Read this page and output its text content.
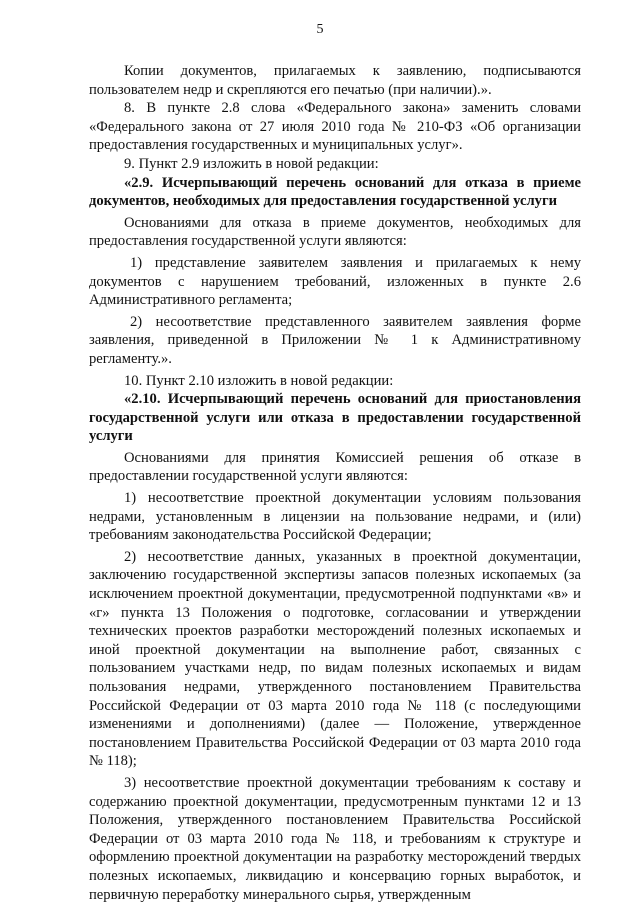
5

Копии документов, прилагаемых к заявлению, подписываются пользователем недр и скрепляются его печатью (при наличии).».

8. В пункте 2.8 слова «Федерального закона» заменить словами «Федерального закона от 27 июля 2010 года № 210-ФЗ «Об организации предоставления государственных и муниципальных услуг».

9. Пункт 2.9 изложить в новой редакции:

«2.9. Исчерпывающий перечень оснований для отказа в приеме документов, необходимых для предоставления государственной услуги

Основаниями для отказа в приеме документов, необходимых для предоставления государственной услуги являются:

1) представление заявителем заявления и прилагаемых к нему документов с нарушением требований, изложенных в пункте 2.6 Административного регламента;

2) несоответствие представленного заявителем заявления форме заявления, приведенной в Приложении № 1 к Административному регламенту.».

10. Пункт 2.10 изложить в новой редакции:

«2.10. Исчерпывающий перечень оснований для приостановления государственной услуги или отказа в предоставлении государственной услуги

Основаниями для принятия Комиссией решения об отказе в предоставлении государственной услуги являются:

1) несоответствие проектной документации условиям пользования недрами, установленным в лицензии на пользование недрами, и (или) требованиям законодательства Российской Федерации;

2) несоответствие данных, указанных в проектной документации, заключению государственной экспертизы запасов полезных ископаемых (за исключением проектной документации, предусмотренной подпунктами «в» и «г» пункта 13 Положения о подготовке, согласовании и утверждении технических проектов разработки месторождений полезных ископаемых и иной проектной документации на выполнение работ, связанных с пользованием участками недр, по видам полезных ископаемых и видам пользования недрами, утвержденного постановлением Правительства Российской Федерации от 03 марта 2010 года № 118 (с последующими изменениями и дополнениями) (далее — Положение, утвержденное постановлением Правительства Российской Федерации от 03 марта 2010 года № 118);

3) несоответствие проектной документации требованиям к составу и содержанию проектной документации, предусмотренным пунктами 12 и 13 Положения, утвержденного постановлением Правительства Российской Федерации от 03 марта 2010 года № 118, и требованиям к структуре и оформлению проектной документации на разработку месторождений твердых полезных ископаемых, ликвидацию и консервацию горных выработок, и первичную переработку минерального сырья, утвержденным
